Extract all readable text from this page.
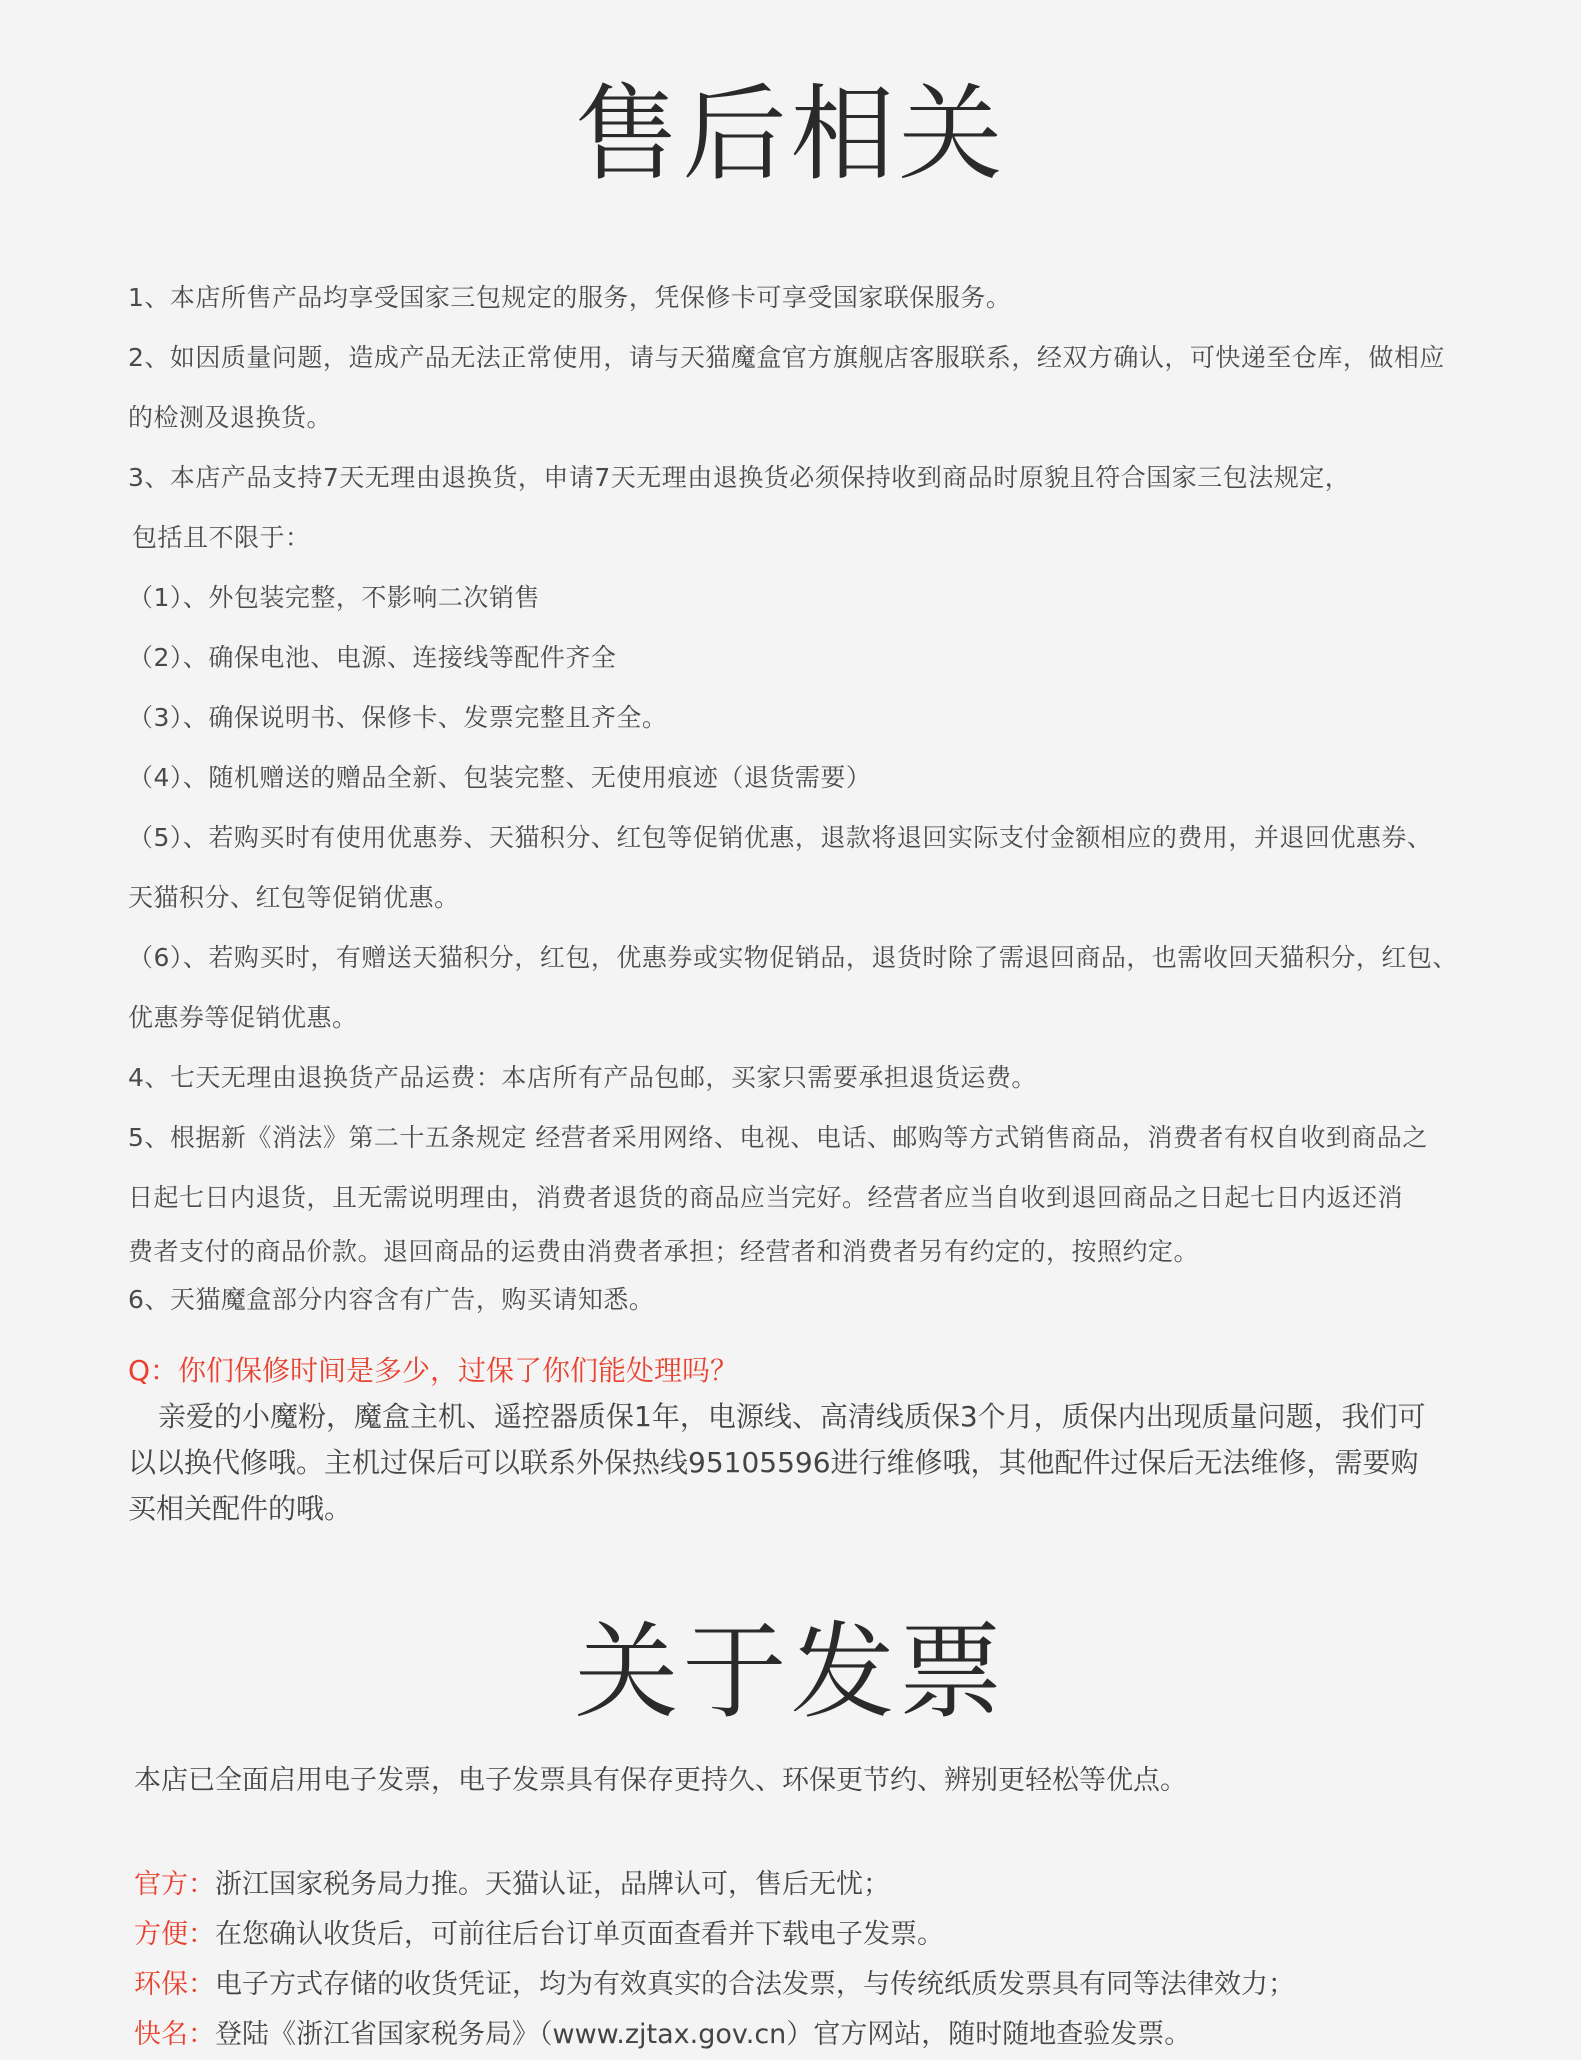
售后相关
1、本店所售产品均享受国家三包规定的服务，凭保修卡可享受国家联保服务。
2、如因质量问题，造成产品无法正常使用，请与天猫魔盒官方旗舰店客服联系，经双方确认，可快递至仓库，做相应
的检测及退换货。
3、本店产品支持7天无理由退换货，申请7天无理由退换货必须保持收到商品时原貌且符合国家三包法规定，
包括且不限于：
（1）、外包装完整，不影响二次销售
（2）、确保电池、电源、连接线等配件齐全
（3）、确保说明书、保修卡、发票完整且齐全。
（4）、随机赠送的赠品全新、包装完整、无使用痕迹（退货需要）
（5）、若购买时有使用优惠券、天猫积分、红包等促销优惠，退款将退回实际支付金额相应的费用，并退回优惠券、
天猫积分、红包等促销优惠。
（6）、若购买时，有赠送天猫积分，红包，优惠券或实物促销品，退货时除了需退回商品，也需收回天猫积分，红包、
优惠券等促销优惠。
4、七天无理由退换货产品运费：本店所有产品包邮，买家只需要承担退货运费。
5、根据新《消法》第二十五条规定 经营者采用网络、电视、电话、邮购等方式销售商品，消费者有权自收到商品之
日起七日内退货，且无需说明理由，消费者退货的商品应当完好。经营者应当自收到退回商品之日起七日内返还消
费者支付的商品价款。退回商品的运费由消费者承担；经营者和消费者另有约定的，按照约定。
6、天猫魔盒部分内容含有广告，购买请知悉。
Q：你们保修时间是多少，过保了你们能处理吗？
亲爱的小魔粉，魔盒主机、遥控器质保1年，电源线、高清线质保3个月，质保内出现质量问题，我们可
以以换代修哦。主机过保后可以联系外保热线95105596进行维修哦，其他配件过保后无法维修，需要购
买相关配件的哦。
关于发票
本店已全面启用电子发票，电子发票具有保存更持久、环保更节约、辨别更轻松等优点。
官方：浙江国家税务局力推。天猫认证，品牌认可，售后无忧；
方便：在您确认收货后，可前往后台订单页面查看并下载电子发票。
环保：电子方式存储的收货凭证，均为有效真实的合法发票，与传统纸质发票具有同等法律效力；
快名：登陆《浙江省国家税务局》（www.zjtax.gov.cn）官方网站，随时随地查验发票。
